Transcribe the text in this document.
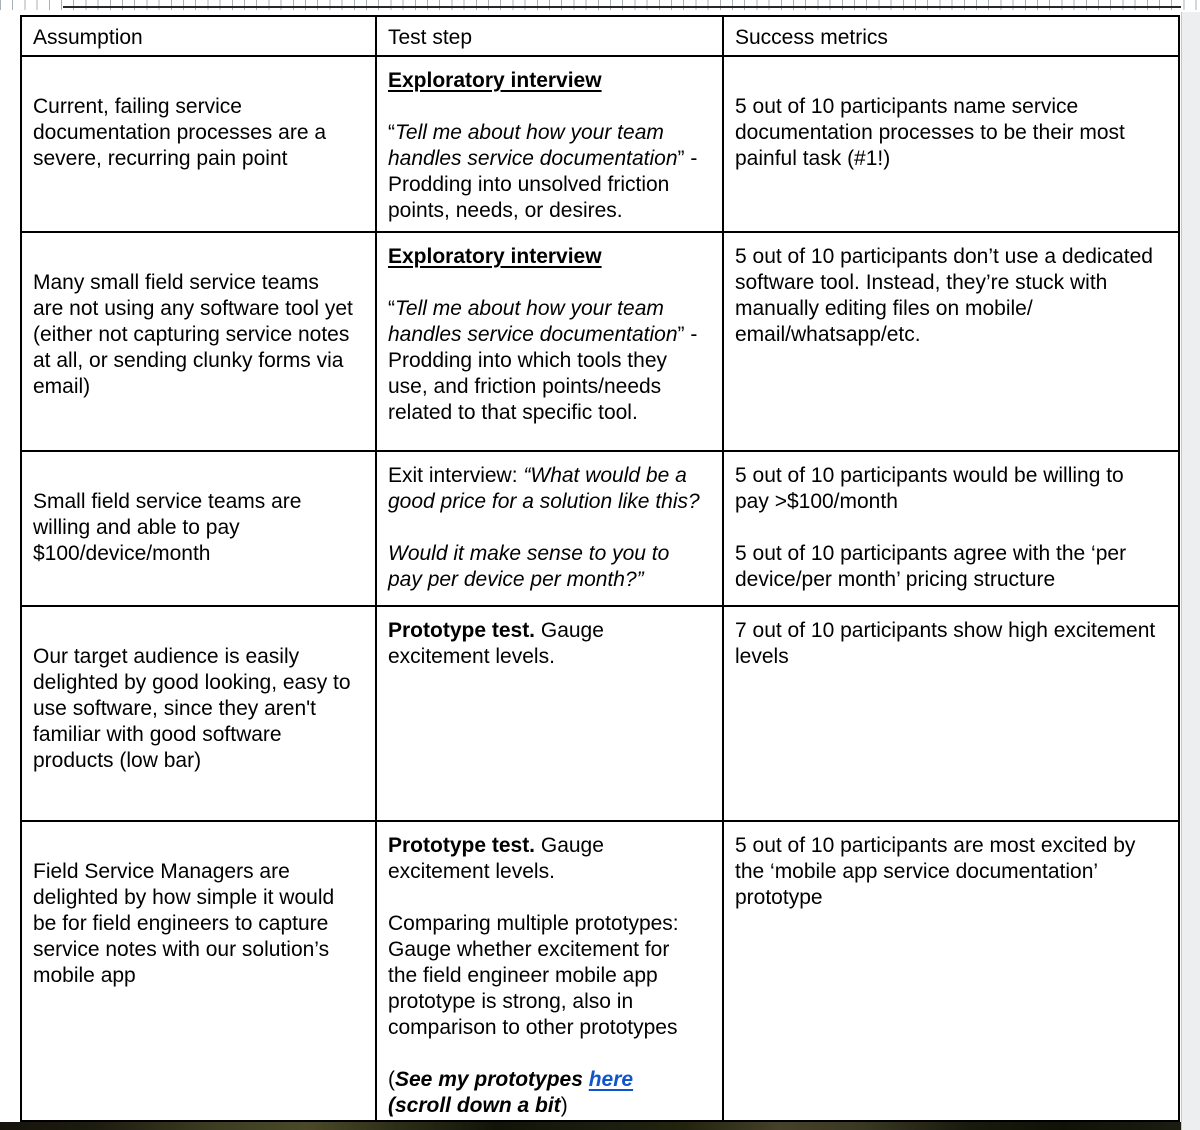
Assumption	Test step	Success metrics

Current, failing service
documentation processes are a
severe, recurring pain point
Exploratory interview

“Tell me about how your team
handles service documentation” -
Prodding into unsolved friction
points, needs, or desires.

5 out of 10 participants name service
documentation processes to be their most
painful task (#1!)

Many small field service teams
are not using any software tool yet
(either not capturing service notes
at all, or sending clunky forms via
email)
Exploratory interview

“Tell me about how your team
handles service documentation” -
Prodding into which tools they
use, and friction points/needs
related to that specific tool.
5 out of 10 participants don’t use a dedicated
software tool. Instead, they’re stuck with
manually editing files on mobile/
email/whatsapp/etc.

Small field service teams are
willing and able to pay
$100/device/month
Exit interview: “What would be a
good price for a solution like this?

Would it make sense to you to
pay per device per month?”
5 out of 10 participants would be willing to
pay >$100/month

5 out of 10 participants agree with the ‘per
device/per month’ pricing structure

Our target audience is easily
delighted by good looking, easy to
use software, since they aren't
familiar with good software
products (low bar)
Prototype test. Gauge
excitement levels.
7 out of 10 participants show high excitement
levels

Field Service Managers are
delighted by how simple it would
be for field engineers to capture
service notes with our solution’s
mobile app
Prototype test. Gauge
excitement levels.

Comparing multiple prototypes:
Gauge whether excitement for
the field engineer mobile app
prototype is strong, also in
comparison to other prototypes

(See my prototypes here
(scroll down a bit)
5 out of 10 participants are most excited by
the ‘mobile app service documentation’
prototype
